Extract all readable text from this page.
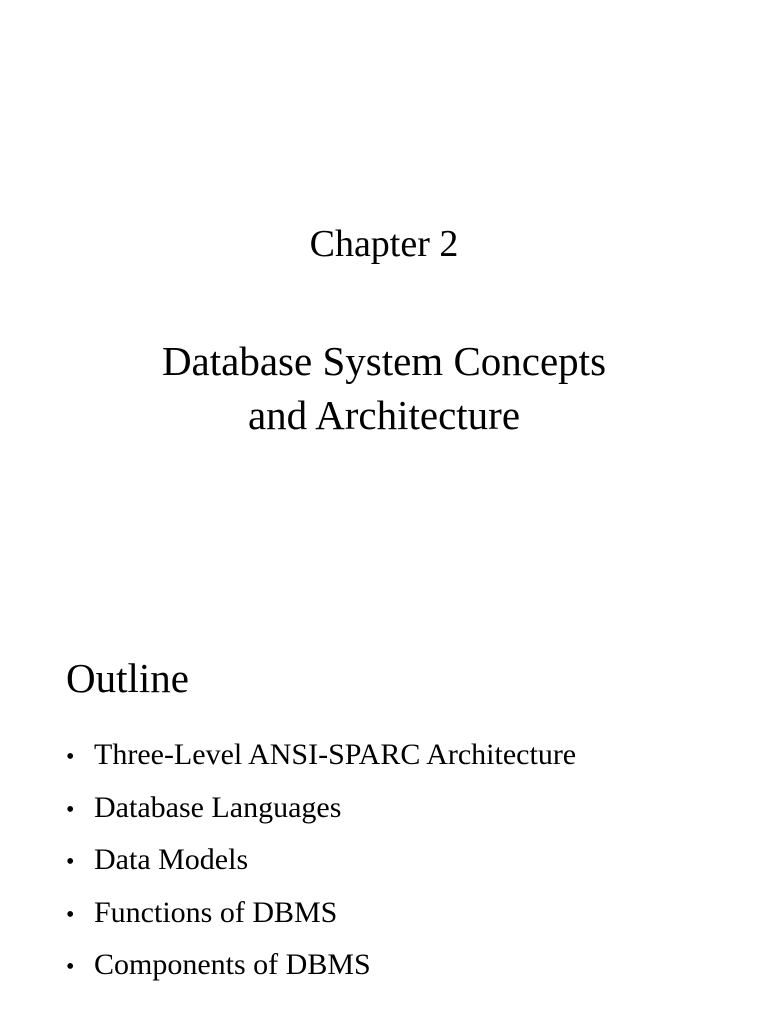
Chapter 2

Database System Concepts
and Architecture
Outline
• Three-Level ANSI-SPARC Architecture
• Database Languages
• Data Models
• Functions of DBMS
• Components of DBMS
